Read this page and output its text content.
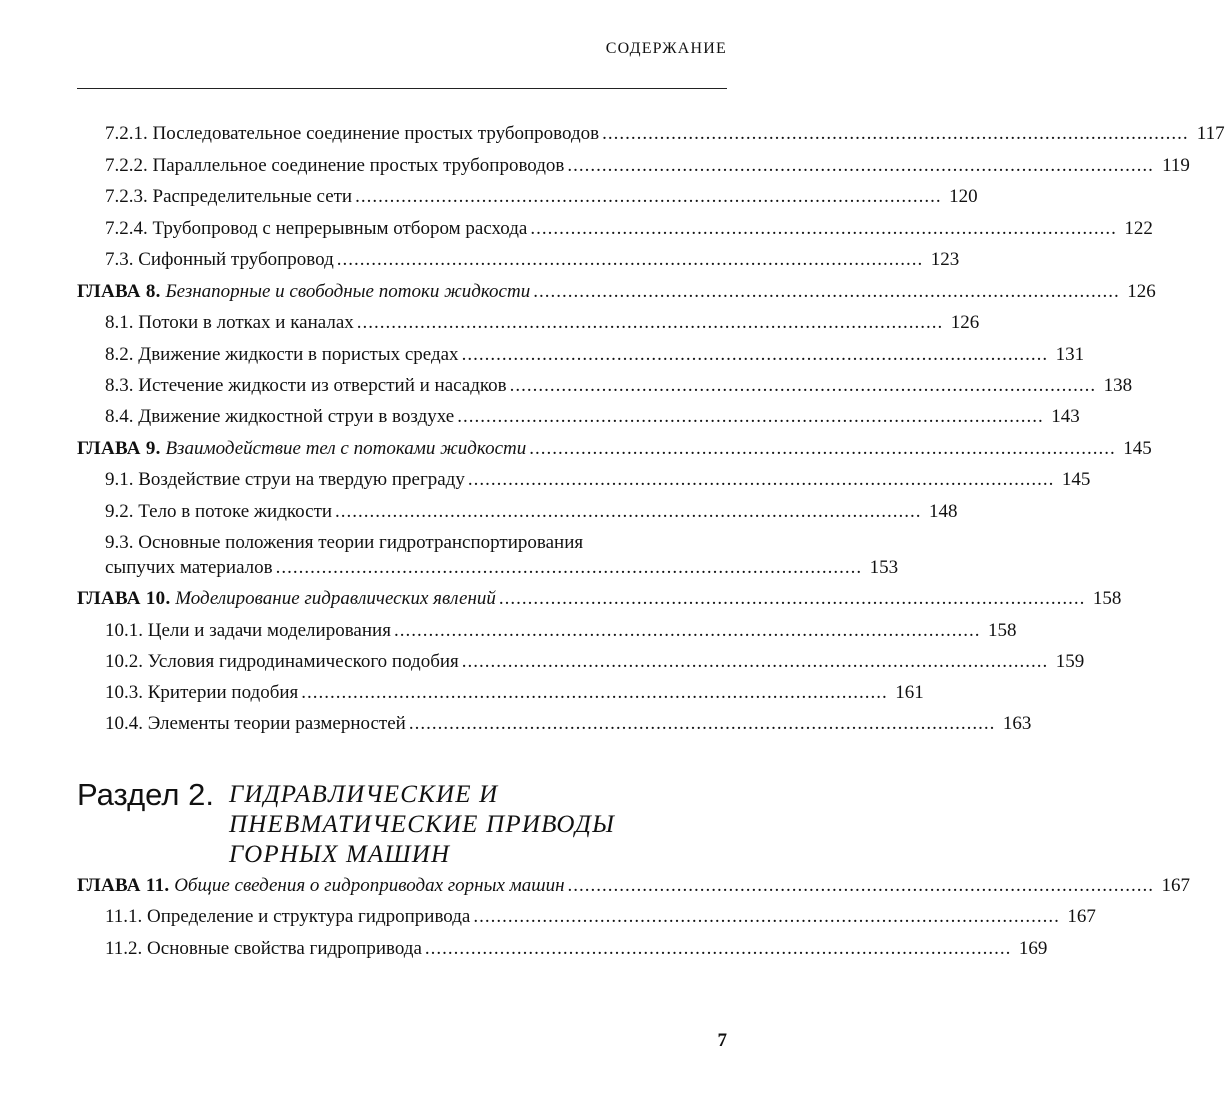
СОДЕРЖАНИЕ
7.2.1. Последовательное соединение простых трубопроводов ...................................................................................................... 117
7.2.2. Параллельное соединение простых трубопроводов ...................................................................................................... 119
7.2.3. Распределительные сети ...................................................................................................... 120
7.2.4. Трубопровод с непрерывным отбором расхода ...................................................................................................... 122
7.3. Сифонный трубопровод ...................................................................................................... 123
ГЛАВА 8. Безнапорные и свободные потоки жидкости ...................................................................................................... 126
8.1. Потоки в лотках и каналах ...................................................................................................... 126
8.2. Движение жидкости в пористых средах ...................................................................................................... 131
8.3. Истечение жидкости из отверстий и насадков ...................................................................................................... 138
8.4. Движение жидкостной струи в воздухе ...................................................................................................... 143
ГЛАВА 9. Взаимодействие тел с потоками жидкости ...................................................................................................... 145
9.1. Воздействие струи на твердую преграду ...................................................................................................... 145
9.2. Тело в потоке жидкости ...................................................................................................... 148
9.3. Основные положения теории гидротранспортирования
сыпучих материалов ...................................................................................................... 153
ГЛАВА 10. Моделирование гидравлических явлений ...................................................................................................... 158
10.1. Цели и задачи моделирования ...................................................................................................... 158
10.2. Условия гидродинамического подобия ...................................................................................................... 159
10.3. Критерии подобия ...................................................................................................... 161
10.4. Элементы теории размерностей ...................................................................................................... 163
Раздел 2. ГИДРАВЛИЧЕСКИЕ И
ПНЕВМАТИЧЕСКИЕ ПРИВОДЫ
ГОРНЫХ МАШИН
ГЛАВА 11. Общие сведения о гидроприводах горных машин ...................................................................................................... 167
11.1. Определение и структура гидропривода ...................................................................................................... 167
11.2. Основные свойства гидропривода ...................................................................................................... 169
7
